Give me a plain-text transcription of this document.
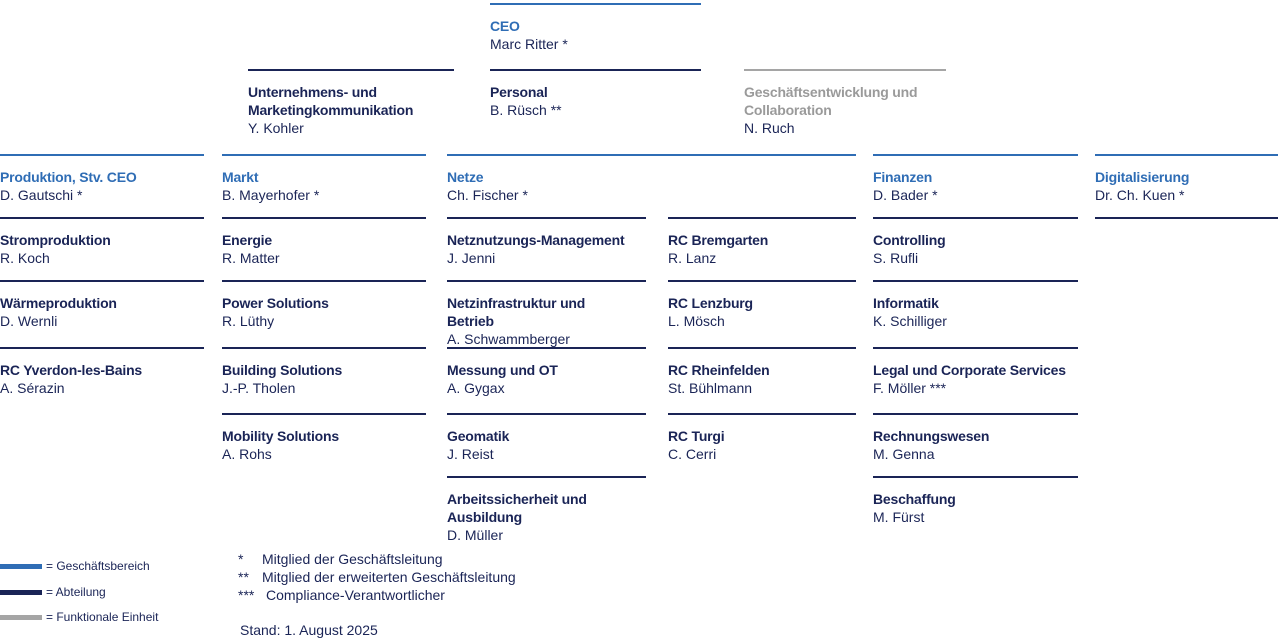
CEO
Marc Ritter *
Unternehmens- und Marketingkommunikation
Y. Kohler
Personal
B. Rüsch **
Geschäftsentwicklung und Collaboration
N. Ruch
Produktion, Stv. CEO
D. Gautschi *
Markt
B. Mayerhofer *
Netze
Ch. Fischer *
Finanzen
D. Bader *
Digitalisierung
Dr. Ch. Kuen *
Stromproduktion
R. Koch
Wärmeproduktion
D. Wernli
RC Yverdon-les-Bains
A. Sérazin
Energie
R. Matter
Power Solutions
R. Lüthy
Building Solutions
J.-P. Tholen
Mobility Solutions
A. Rohs
Netznutzungs-Management
J. Jenni
Netzinfrastruktur und Betrieb
A. Schwammberger
Messung und OT
A. Gygax
Geomatik
J. Reist
Arbeitssicherheit und Ausbildung
D. Müller
RC Bremgarten
R. Lanz
RC Lenzburg
L. Mösch
RC Rheinfelden
St. Bühlmann
RC Turgi
C. Cerri
Controlling
S. Rufli
Informatik
K. Schilliger
Legal und Corporate Services
F. Möller ***
Rechnungswesen
M. Genna
Beschaffung
M. Fürst
= Geschäftsbereich
= Abteilung
= Funktionale Einheit
* Mitglied der Geschäftsleitung
** Mitglied der erweiterten Geschäftsleitung
*** Compliance-Verantwortlicher
Stand: 1. August 2025
